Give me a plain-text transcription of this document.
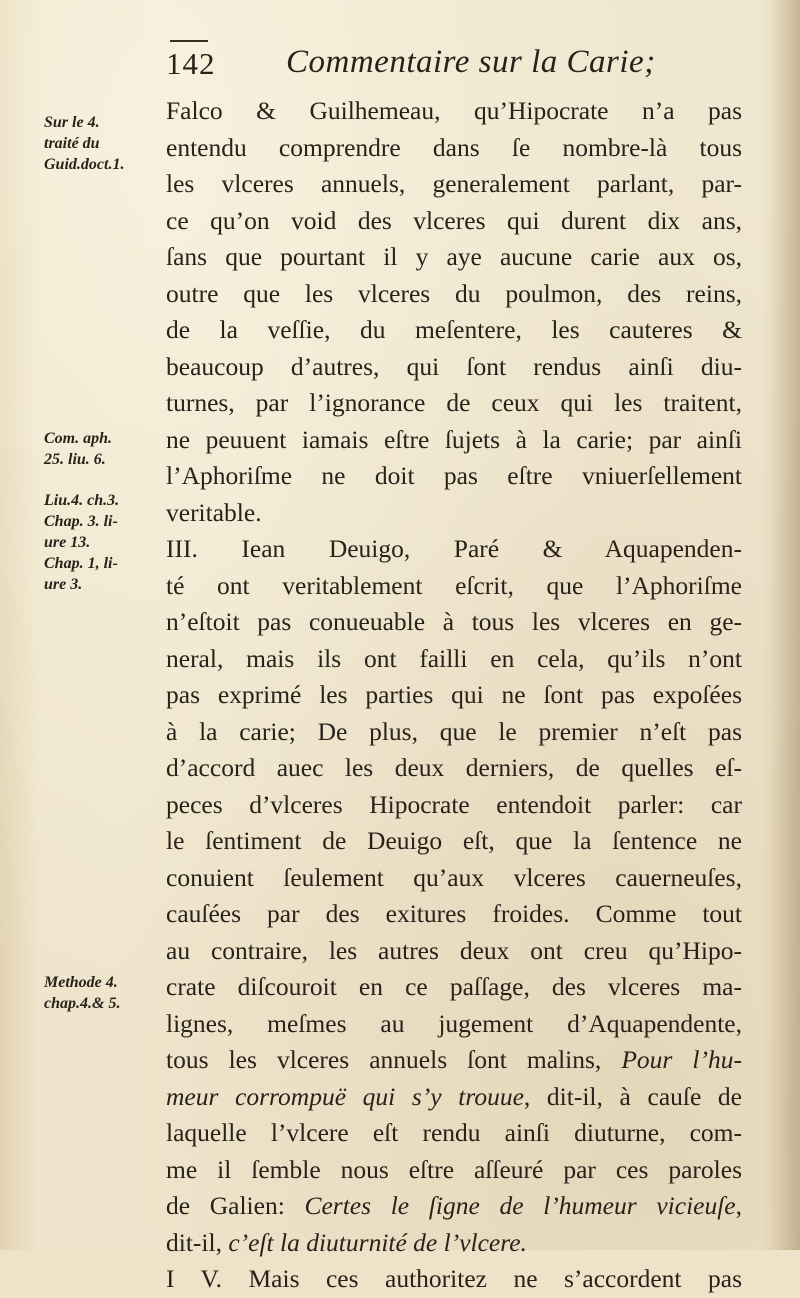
142 Commentaire sur la Carie;
Sur le 4.
traité du
Guid.doct.1.
Com. aph.
25. liu. 6.
Liu.4. ch.3.
Chap. 3. li-
ure 13.
Chap. 1, li-
ure 3.
Methode 4.
chap.4.& 5.
Falco & Guilhemeau, qu’Hipocrate n’a pas
entendu comprendre dans ſe nombre-là tous
les vlceres annuels, generalement parlant, par-
ce qu’on void des vlceres qui durent dix ans,
ſans que pourtant il y aye aucune carie aux os,
outre que les vlceres du poulmon, des reins,
de la veſſie, du meſentere, les cauteres &
beaucoup d’autres, qui ſont rendus ainſi diu-
turnes, par l’ignorance de ceux qui les traitent,
ne peuuent iamais eſtre ſujets à la carie; par ainſi
l’Aphoriſme ne doit pas eſtre vniuerſellement
veritable.
III. Iean Deuigo, Paré & Aquapenden-
té ont veritablement eſcrit, que l’Aphoriſme
n’eſtoit pas conueuable à tous les vlceres en ge-
neral, mais ils ont failli en cela, qu’ils n’ont
pas exprimé les parties qui ne ſont pas expoſées
à la carie; De plus, que le premier n’eſt pas
d’accord auec les deux derniers, de quelles eſ-
peces d’vlceres Hipocrate entendoit parler: car
le ſentiment de Deuigo eſt, que la ſentence ne
conuient ſeulement qu’aux vlceres cauerneuſes,
cauſées par des exitures froides. Comme tout
au contraire, les autres deux ont creu qu’Hipo-
crate diſcouroit en ce paſſage, des vlceres ma-
lignes, meſmes au jugement d’Aquapendente,
tous les vlceres annuels ſont malins, Pour l’hu-
meur corrompuë qui s’y trouue, dit-il, à cauſe de
laquelle l’vlcere eſt rendu ainſi diuturne, com-
me il ſemble nous eſtre aſſeuré par ces paroles
de Galien: Certes le ſigne de l’humeur vicieuſe,
dit-il, c’eſt la diuturnité de l’vlcere.
I V. Mais ces authoritez ne s’accordent pas
